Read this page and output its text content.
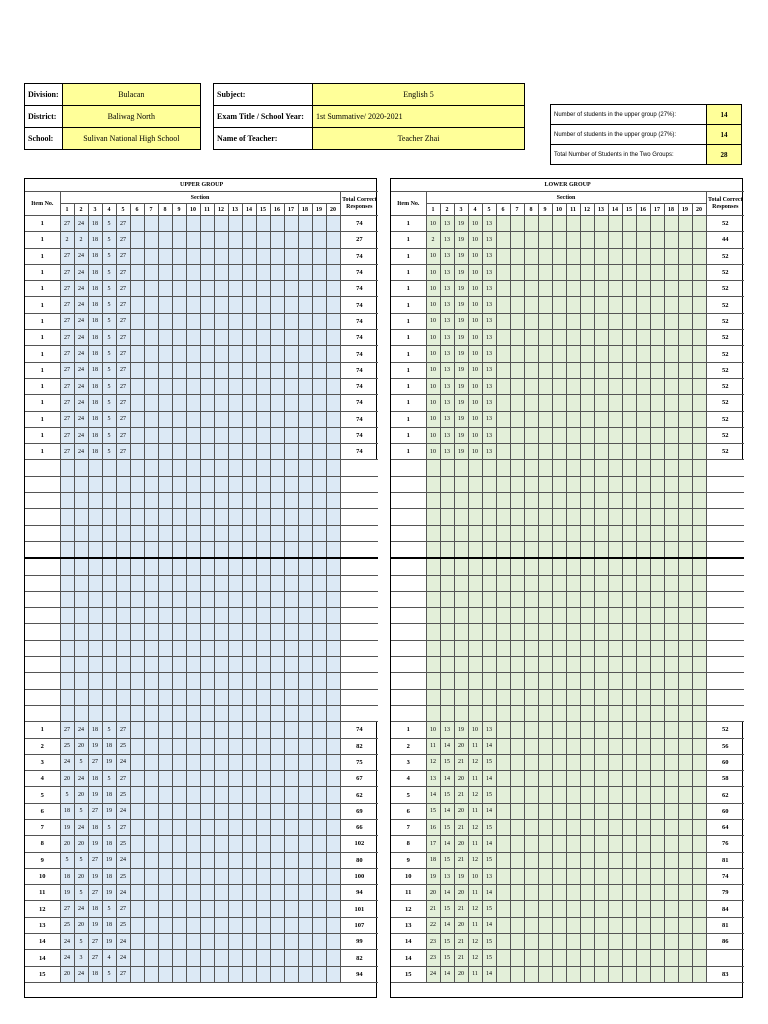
Division:	Bulacan
District:	Baliwag North
School:	Sulivan National High School
Subject:	English 5
Exam Title / School Year:	1st Summative/ 2020-2021
Name of Teacher:	Teacher Zhai
Number of students in the upper group (27%):	14
Number of students in the upper group (27%):	14
Total Number of Students in the Two Groups:	28
UPPER GROUP																					
Item No.	Section																				Total Correct Responses
	1	2	3	4	5	6	7	8	9	10	11	12	13	14	15	16	17	18	19	20	
1	27	24	18	5	27																74
1	2	2	18	5	27																27
1	27	24	18	5	27																74
1	27	24	18	5	27																74
1	27	24	18	5	27																74
1	27	24	18	5	27																74
1	27	24	18	5	27																74
1	27	24	18	5	27																74
1	27	24	18	5	27																74
1	27	24	18	5	27																74
1	27	24	18	5	27																74
1	27	24	18	5	27																74
1	27	24	18	5	27																74
1	27	24	18	5	27																74
1	27	24	18	5	27																74

1	27	24	18	5	27																74
2	25	20	19	18	25																82
3	24	5	27	19	24																75
4	20	24	18	5	27																67
5	5	20	19	18	25																62
6	18	5	27	19	24																69
7	19	24	18	5	27																66
8	20	20	19	18	25																102
9	5	5	27	19	24																80
10	18	20	19	18	25																100
11	19	5	27	19	24																94
12	27	24	18	5	27																101
13	25	20	19	18	25																107
14	24	5	27	19	24																99
14	24	3	27	4	24																82
15	20	24	18	5	27																94
LOWER GROUP																					
Item No.	Section																				Total Correct Responses
	1	2	3	4	5	6	7	8	9	10	11	12	13	14	15	16	17	18	19	20	
1	10	13	19	10	13																52
1	2	13	19	10	13																44
1	10	13	19	10	13																52
1	10	13	19	10	13																52
1	10	13	19	10	13																52
1	10	13	19	10	13																52
1	10	13	19	10	13																52
1	10	13	19	10	13																52
1	10	13	19	10	13																52
1	10	13	19	10	13																52
1	10	13	19	10	13																52
1	10	13	19	10	13																52
1	10	13	19	10	13																52
1	10	13	19	10	13																52
1	10	13	19	10	13																52

1	10	13	19	10	13																52
2	11	14	20	11	14																56
3	12	15	21	12	15																60
4	13	14	20	11	14																58
5	14	15	21	12	15																62
6	15	14	20	11	14																60
7	16	15	21	12	15																64
8	17	14	20	11	14																76
9	18	15	21	12	15																81
10	19	13	19	10	13																74
11	20	14	20	11	14																79
12	21	15	21	12	15																84
13	22	14	20	11	14																81
14	23	15	21	12	15																86
14	23	15	21	12	15																
15	24	14	20	11	14																83
